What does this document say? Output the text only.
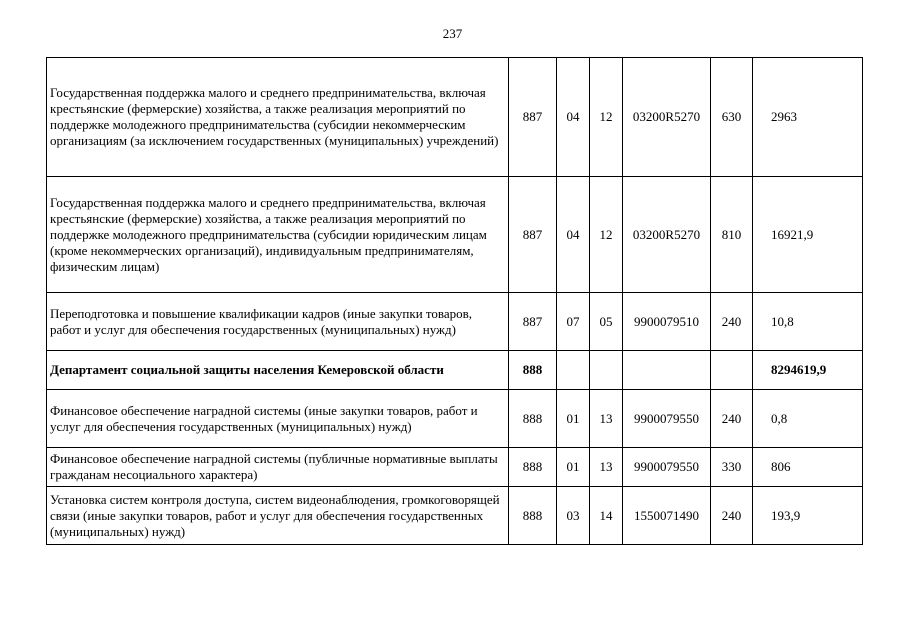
237
Государственная поддержка малого и среднего предпринимательства, включая крестьянские (фермерские) хозяйства, а также реализация мероприятий по поддержке молодежного предпринимательства (субсидии некоммерческим организациям (за исключением государственных (муниципальных) учреждений)	887	04	12	03200R5270	630	2963
Государственная поддержка малого и среднего предпринимательства, включая крестьянские (фермерские) хозяйства, а также реализация мероприятий по поддержке молодежного предпринимательства (субсидии юридическим лицам (кроме некоммерческих организаций), индивидуальным предпринимателям, физическим лицам)	887	04	12	03200R5270	810	16921,9
Переподготовка и повышение квалификации кадров (иные закупки товаров, работ и услуг для обеспечения государственных (муниципальных) нужд)	887	07	05	9900079510	240	10,8
Департамент социальной защиты населения Кемеровской области	888					8294619,9
Финансовое обеспечение наградной системы (иные закупки товаров, работ и услуг для обеспечения государственных (муниципальных) нужд)	888	01	13	9900079550	240	0,8
Финансовое обеспечение наградной системы (публичные нормативные выплаты гражданам несоциального характера)	888	01	13	9900079550	330	806
Установка систем контроля доступа, систем видеонаблюдения, громкоговорящей связи (иные закупки товаров, работ и услуг для обеспечения государственных (муниципальных) нужд)	888	03	14	1550071490	240	193,9
